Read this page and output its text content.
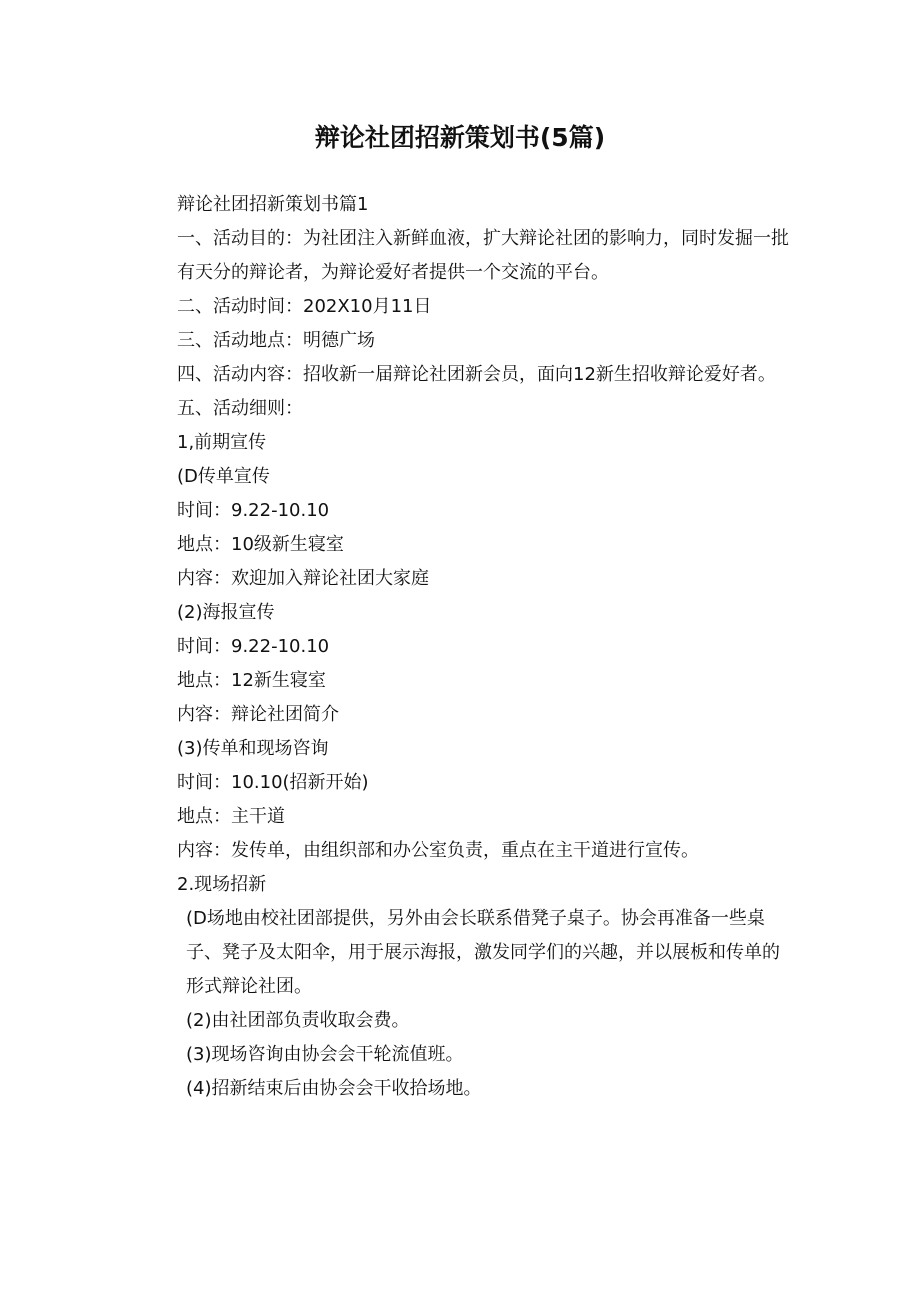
辩论社团招新策划书(5篇)

辩论社团招新策划书篇1

一、活动目的：为社团注入新鲜血液，扩大辩论社团的影响力，同时发掘一批有天分的辩论者，为辩论爱好者提供一个交流的平台。

二、活动时间：202X10月11日

三、活动地点：明德广场

四、活动内容：招收新一届辩论社团新会员，面向12新生招收辩论爱好者。

五、活动细则：

1,前期宣传

(D传单宣传

时间：9.22-10.10

地点：10级新生寝室

内容：欢迎加入辩论社团大家庭

(2)海报宣传

时间：9.22-10.10

地点：12新生寝室

内容：辩论社团简介

(3)传单和现场咨询

时间：10.10(招新开始)

地点：主干道

内容：发传单，由组织部和办公室负责，重点在主干道进行宣传。

2.现场招新

(D场地由校社团部提供，另外由会长联系借凳子桌子。协会再准备一些桌子、凳子及太阳伞，用于展示海报，激发同学们的兴趣，并以展板和传单的形式辩论社团。

(2)由社团部负责收取会费。

(3)现场咨询由协会会干轮流值班。

(4)招新结束后由协会会干收拾场地。
